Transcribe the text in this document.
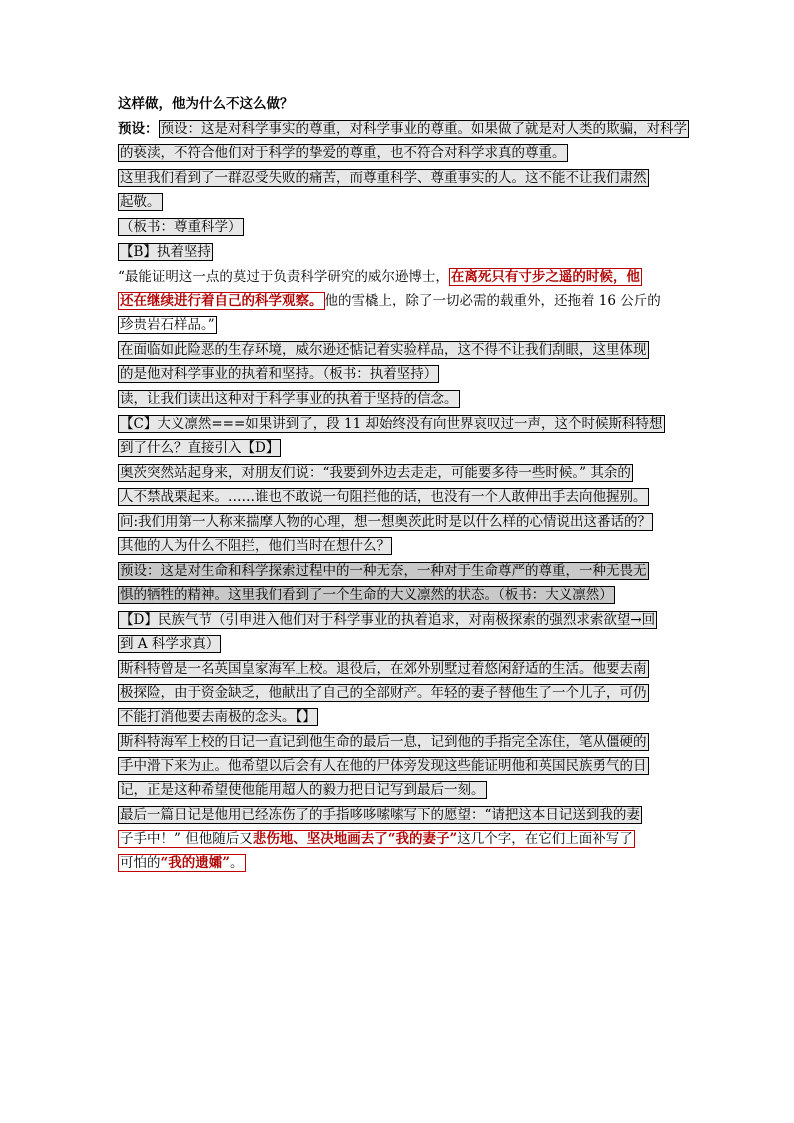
这样做，他为什么不这么做？

预设： 预设：这是对科学事实的尊重，对科学事业的尊重。如果做了就是对人类的欺骗，对科学
的亵渎，不符合他们对于科学的挚爱的尊重，也不符合对科学求真的尊重。

这里我们看到了一群忍受失败的痛苦，而尊重科学、尊重事实的人。这不能不让我们肃然
起敬。

（板书：尊重科学）

【B】执着坚持

“最能证明这一点的莫过于负责科学研究的威尔逊博士， 在离死只有寸步之遥的时候，他
还在继续进行着自己的科学观察。 他的雪橇上，除了一切必需的载重外，还拖着 16 公斤的
珍贵岩石样品。”

在面临如此险恶的生存环境，威尔逊还惦记着实验样品，这不得不让我们刮眼，这里体现
的是他对科学事业的执着和坚持。（板书：执着坚持）

读，让我们读出这种对于科学事业的执着于坚持的信念。

【C】大义凛然===如果讲到了，段 11 却始终没有向世界哀叹过一声，这个时候斯科特想
到了什么？直接引入【D】

奥茨突然站起身来，对朋友们说：“我要到外边去走走，可能要多待一些时候。” 其余的
人不禁战栗起来。……谁也不敢说一句阻拦他的话，也没有一个人敢伸出手去向他握别。

问:我们用第一人称来揣摩人物的心理，想一想奥茨此时是以什么样的心情说出这番话的？
其他的人为什么不阻拦，他们当时在想什么？

预设：这是对生命和科学探索过程中的一种无奈，一种对于生命尊严的尊重，一种无畏无
惧的牺牲的精神。这里我们看到了一个生命的大义凛然的状态。（板书：大义凛然）

【D】民族气节（引申进入他们对于科学事业的执着追求，对南极探索的强烈求索欲望→回
到 A 科学求真）

斯科特曾是一名英国皇家海军上校。退役后，在郊外别墅过着悠闲舒适的生活。他要去南
极探险，由于资金缺乏，他献出了自己的全部财产。年轻的妻子替他生了一个儿子，可仍
不能打消他要去南极的念头。【】

斯科特海军上校的日记一直记到他生命的最后一息，记到他的手指完全冻住，笔从僵硬的
手中滑下来为止。他希望以后会有人在他的尸体旁发现这些能证明他和英国民族勇气的日
记，正是这种希望使他能用超人的毅力把日记写到最后一刻。

最后一篇日记是他用已经冻伤了的手指哆哆嗦嗦写下的愿望：“请把这本日记送到我的妻
子手中！” 但他随后又悲伤地、坚决地画去了“我的妻子”这几个字，在它们上面补写了
可怕的“我的遗孀”。
